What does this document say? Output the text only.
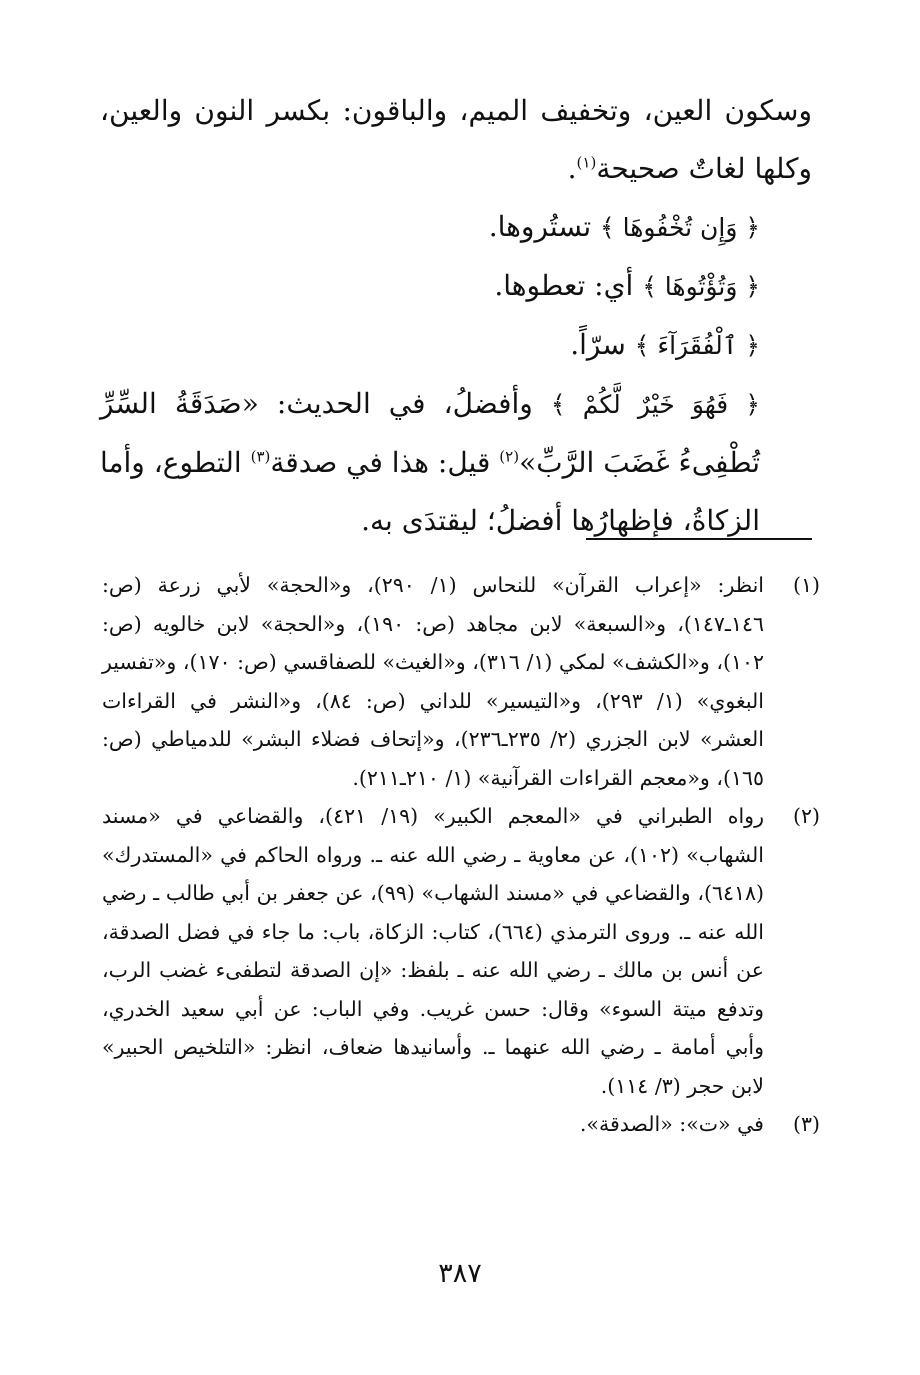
وسكون العين، وتخفيف الميم، والباقون: بكسر النون والعين، وكلها لغاتٌ صحيحة$^{(١)}$.

﴿ وَإِن تُخْفُوهَا ﴾ تستُروها.

﴿ وَتُؤْتُوهَا ﴾ أي: تعطوها.

﴿ ٱلْفُقَرَآءَ ﴾ سرّاً.

﴿ فَهُوَ خَيْرٌ لَّكُمْ ﴾ وأفضلُ، في الحديث: «صَدَقَةُ السِّرِّ تُطْفِىءُ غَضَبَ الرَّبِّ»$^{(٢)}$ قيل: هذا في صدقة$^{(٣)}$ التطوع، وأما الزكاةُ، فإظهارُها أفضلُ؛ ليقتدَى به.

(١)
انظر: «إعراب القرآن» للنحاس (١/ ٢٩٠)، و«الحجة» لأبي زرعة (ص: ١٤٦ـ١٤٧)، و«السبعة» لابن مجاهد (ص: ١٩٠)، و«الحجة» لابن خالويه (ص: ١٠٢)، و«الكشف» لمكي (١/ ٣١٦)، و«الغيث» للصفاقسي (ص: ١٧٠)، و«تفسير البغوي» (١/ ٢٩٣)، و«التيسير» للداني (ص: ٨٤)، و«النشر في القراءات العشر» لابن الجزري (٢/ ٢٣٥ـ٢٣٦)، و«إتحاف فضلاء البشر» للدمياطي (ص: ١٦٥)، و«معجم القراءات القرآنية» (١/ ٢١٠ـ٢١١).
(٢)
رواه الطبراني في «المعجم الكبير» (١٩/ ٤٢١)، والقضاعي في «مسند الشهاب» (١٠٢)، عن معاوية ـ رضي الله عنه ـ. ورواه الحاكم في «المستدرك» (٦٤١٨)، والقضاعي في «مسند الشهاب» (٩٩)، عن جعفر بن أبي طالب ـ رضي الله عنه ـ. وروى الترمذي (٦٦٤)، كتاب: الزكاة، باب: ما جاء في فضل الصدقة، عن أنس بن مالك ـ رضي الله عنه ـ بلفظ: «إن الصدقة لتطفىء غضب الرب، وتدفع ميتة السوء» وقال: حسن غريب. وفي الباب: عن أبي سعيد الخدري، وأبي أمامة ـ رضي الله عنهما ـ. وأسانيدها ضعاف، انظر: «التلخيص الحبير» لابن حجر (٣/ ١١٤).
(٣)
في «ت»: «الصدقة».
٣٨٧
